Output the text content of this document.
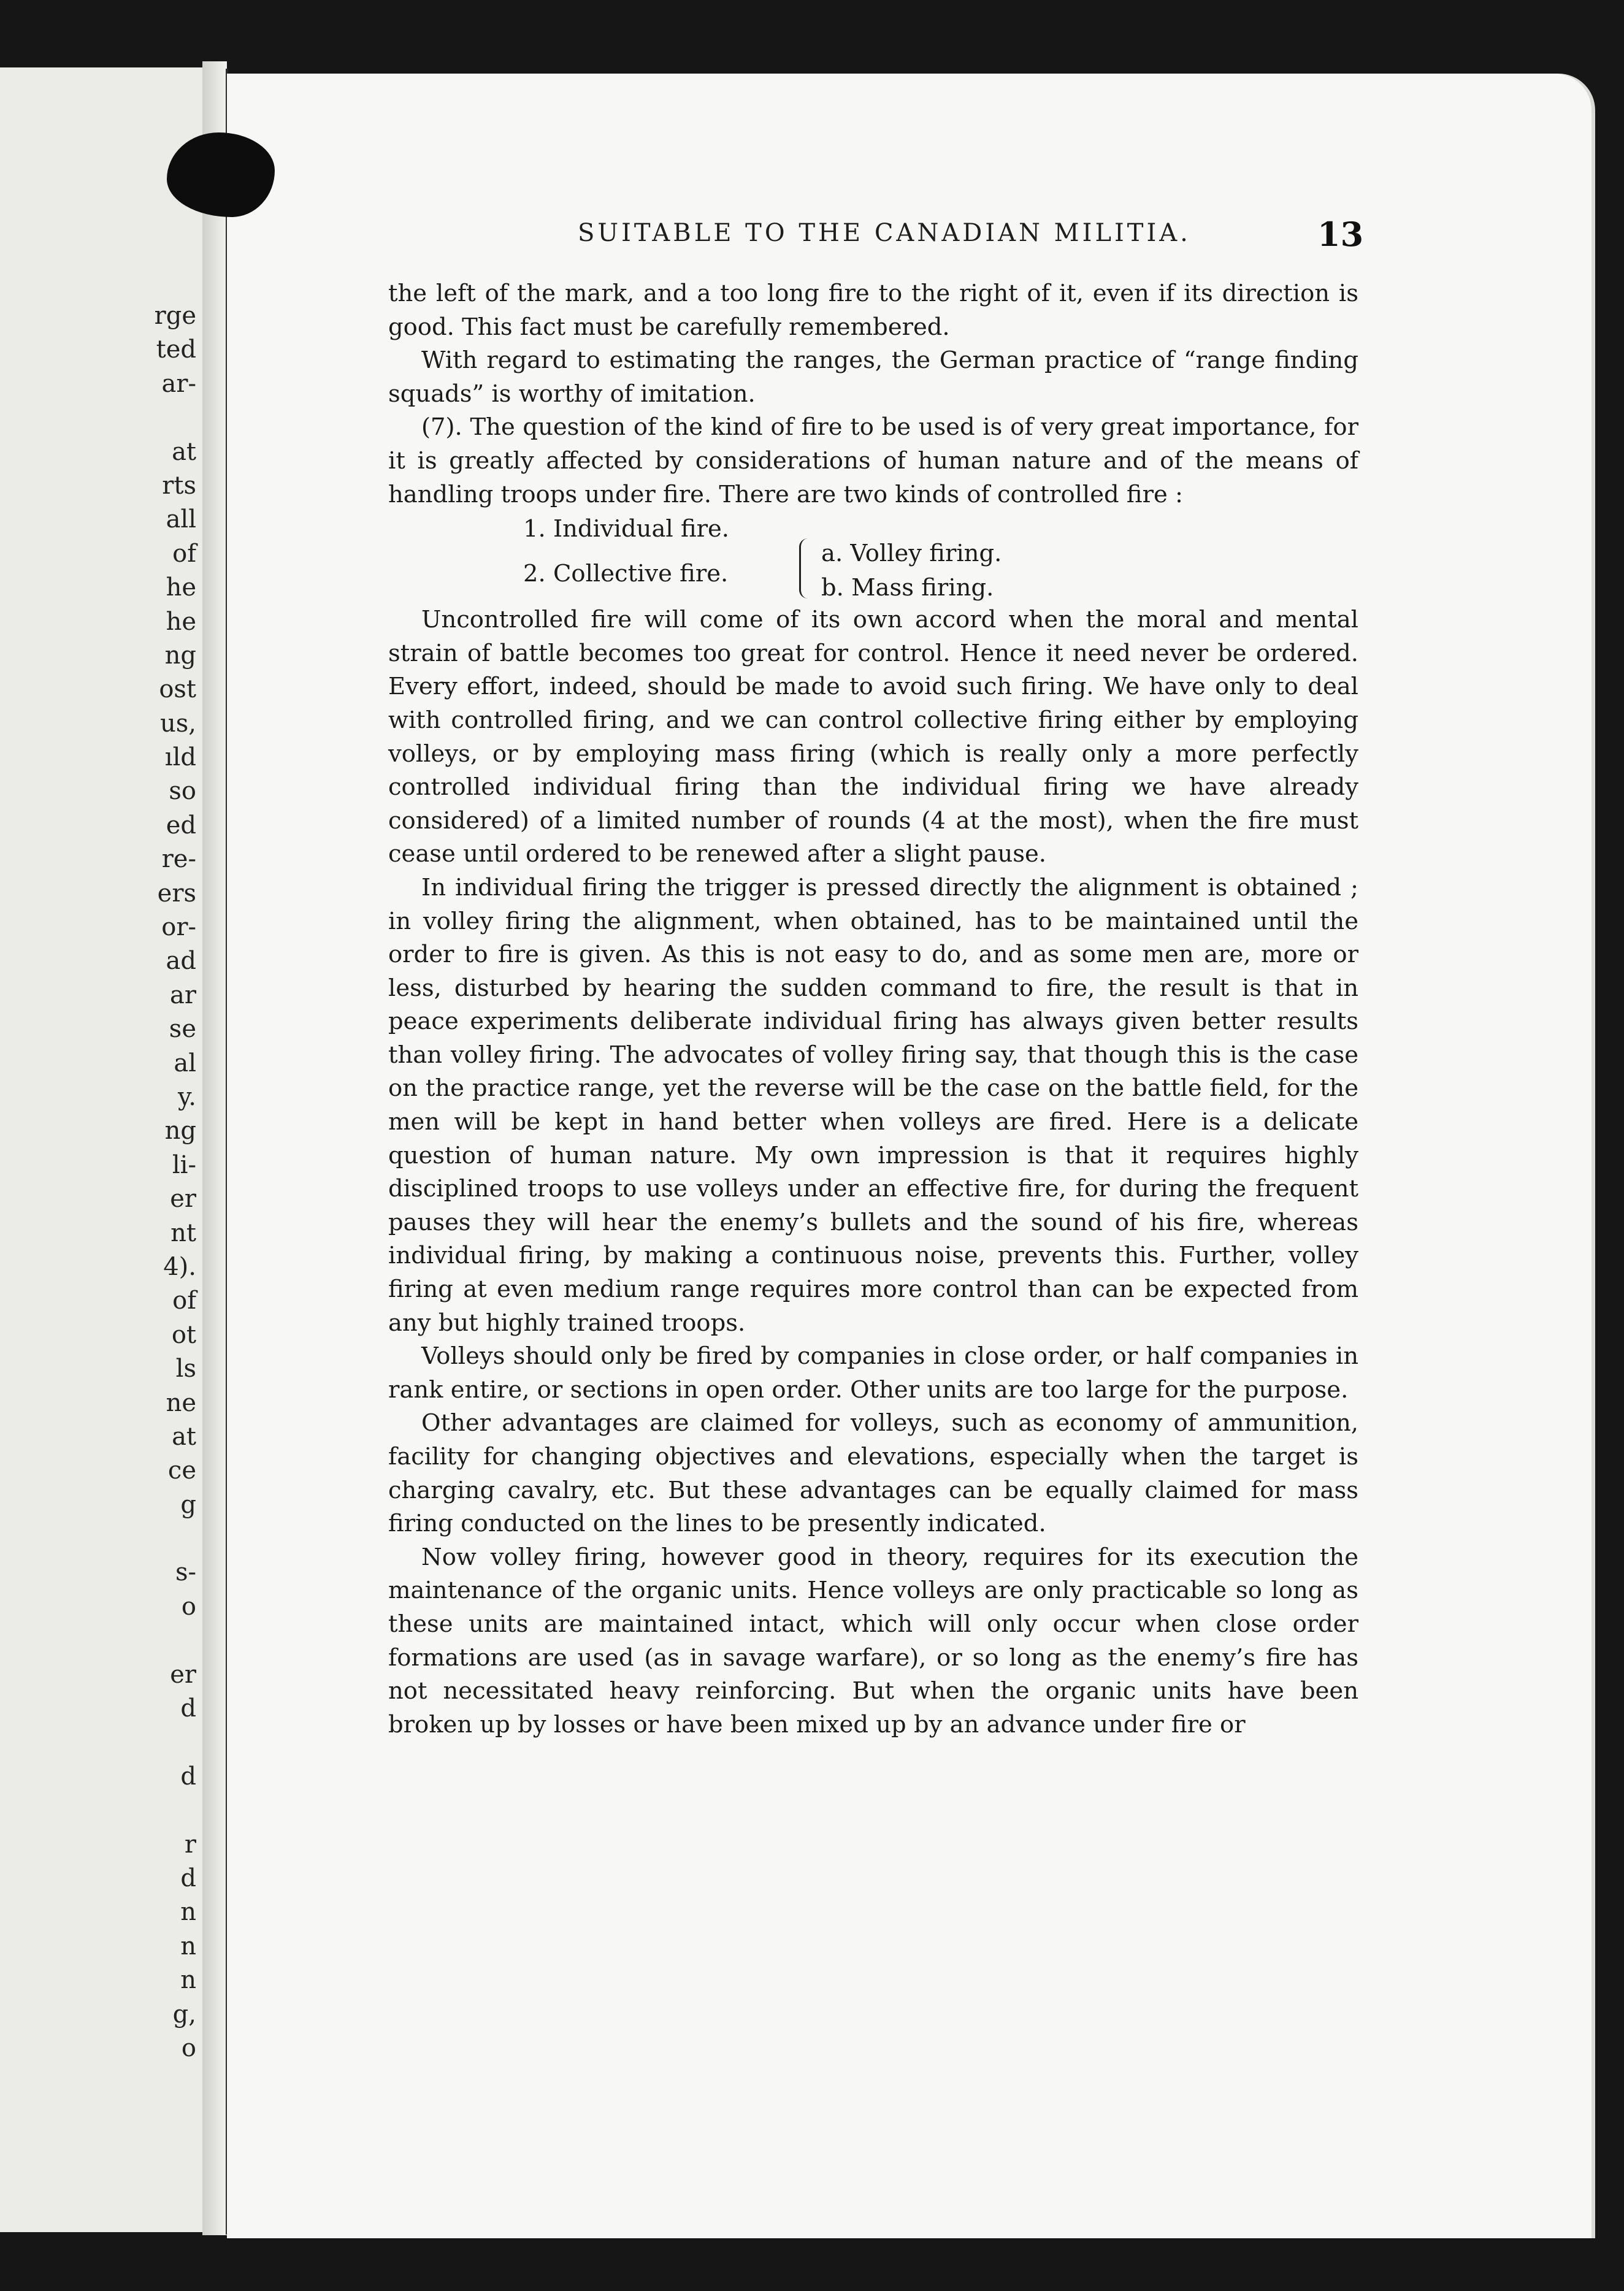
rge
ted
ar-
at
rts
all
of
he
he
ng
ost
us,
ıld
so
ed
re-
ers
or-
ad
ar
se
al
y.
ng
li-
er
nt
4).
of
ot
ls
ne
at
ce
g
s-
o
er
d
d
r
d
n
n
n
g,
o
SUITABLE TO THE CANADIAN MILITIA.	13

the left of the mark, and a too long fire to the right of it, even if its direction is good. This fact must be carefully remembered.

With regard to estimating the ranges, the German practice of “range finding squads” is worthy of imitation.

(7). The question of the kind of fire to be used is of very great importance, for it is greatly affected by considerations of human nature and of the means of handling troops under fire. There are two kinds of controlled fire :

1. Individual fire.
2. Collective fire.
a. Volley firing.
b. Mass firing.

Uncontrolled fire will come of its own accord when the moral and mental strain of battle becomes too great for control. Hence it need never be ordered. Every effort, indeed, should be made to avoid such firing. We have only to deal with controlled firing, and we can control collective firing either by employing volleys, or by employing mass firing (which is really only a more perfectly controlled individual firing than the individual firing we have already considered) of a limited number of rounds (4 at the most), when the fire must cease until ordered to be renewed after a slight pause.

In individual firing the trigger is pressed directly the alignment is obtained ; in volley firing the alignment, when obtained, has to be maintained until the order to fire is given. As this is not easy to do, and as some men are, more or less, disturbed by hearing the sudden command to fire, the result is that in peace experiments deliberate individual firing has always given better results than volley firing. The advocates of volley firing say, that though this is the case on the practice range, yet the reverse will be the case on the battle field, for the men will be kept in hand better when volleys are fired. Here is a delicate question of human nature. My own impression is that it requires highly disciplined troops to use volleys under an effective fire, for during the frequent pauses they will hear the enemy’s bullets and the sound of his fire, whereas individual firing, by making a continuous noise, prevents this. Further, volley firing at even medium range requires more control than can be expected from any but highly trained troops.

Volleys should only be fired by companies in close order, or half companies in rank entire, or sections in open order. Other units are too large for the purpose.

Other advantages are claimed for volleys, such as economy of ammunition, facility for changing objectives and elevations, especially when the target is charging cavalry, etc. But these advantages can be equally claimed for mass firing conducted on the lines to be presently indicated.

Now volley firing, however good in theory, requires for its execution the maintenance of the organic units. Hence volleys are only practicable so long as these units are maintained intact, which will only occur when close order formations are used (as in savage warfare), or so long as the enemy’s fire has not necessitated heavy reinforcing. But when the organic units have been broken up by losses or have been mixed up by an advance under fire or
